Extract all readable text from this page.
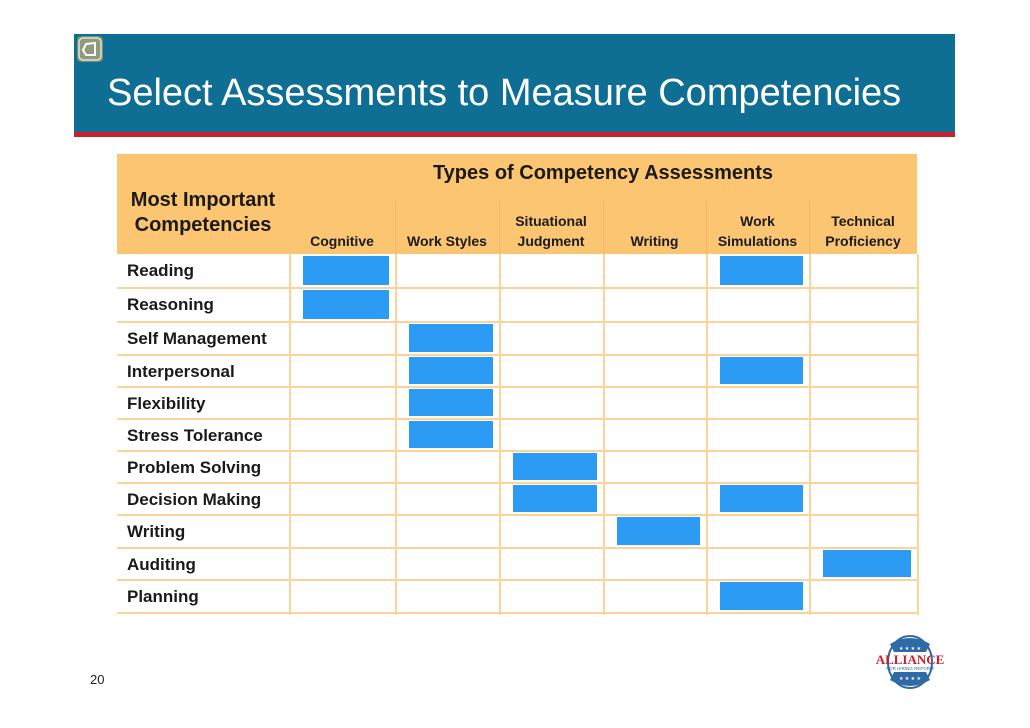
Select Assessments to Measure Competencies
Most Important
Competencies
Types of Competency Assessments
Cognitive	Work Styles
Situational
Judgment	Writing
Work
Simulations
Technical
Proficiency
Reading
Reasoning
Self Management
Interpersonal
Flexibility
Stress Tolerance
Problem Solving
Decision Making
Writing
Auditing
Planning
20
★ ★ ★ ★
ALLIANCE
FOR HIRING REFORM
★ ★ ★ ★
